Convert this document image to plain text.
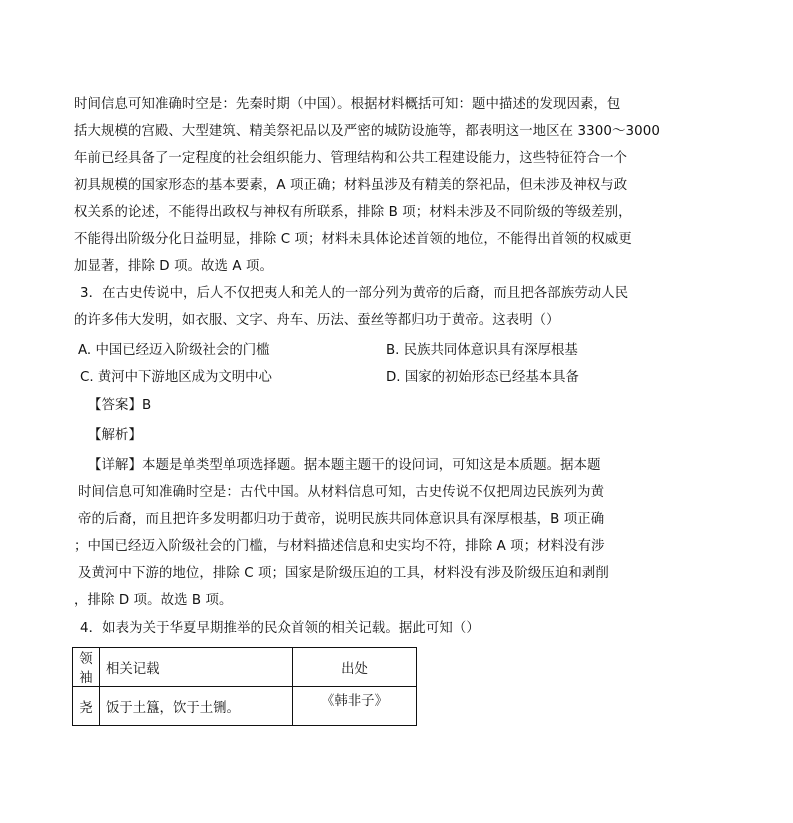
时间信息可知准确时空是：先秦时期（中国）。根据材料概括可知：题中描述的发现因素，包
括大规模的宫殿、大型建筑、精美祭祀品以及严密的城防设施等，都表明这一地区在 3300～3000
年前已经具备了一定程度的社会组织能力、管理结构和公共工程建设能力，这些特征符合一个
初具规模的国家形态的基本要素，A 项正确；材料虽涉及有精美的祭祀品，但未涉及神权与政
权关系的论述，不能得出政权与神权有所联系，排除 B 项；材料未涉及不同阶级的等级差别，
不能得出阶级分化日益明显，排除 C 项；材料未具体论述首领的地位，不能得出首领的权威更
加显著，排除 D 项。故选 A 项。
3．在古史传说中，后人不仅把夷人和羌人的一部分列为黄帝的后裔，而且把各部族劳动人民
的许多伟大发明，如衣服、文字、舟车、历法、蚕丝等都归功于黄帝。这表明（）
A. 中国已经迈入阶级社会的门槛	B. 民族共同体意识具有深厚根基
C. 黄河中下游地区成为文明中心	D. 国家的初始形态已经基本具备
【答案】B
【解析】
【详解】本题是单类型单项选择题。据本题主题干的设问词，可知这是本质题。据本题
时间信息可知准确时空是：古代中国。从材料信息可知，古史传说不仅把周边民族列为黄
帝的后裔，而且把许多发明都归功于黄帝，说明民族共同体意识具有深厚根基，B 项正确
；中国已经迈入阶级社会的门槛，与材料描述信息和史实均不符，排除 A 项；材料没有涉
及黄河中下游的地位，排除 C 项；国家是阶级压迫的工具，材料没有涉及阶级压迫和剥削
，排除 D 项。故选 B 项。
4．如表为关于华夏早期推举的民众首领的相关记载。据此可知（）
领袖	相关记载	出处
尧	饭于土簋，饮于土铏。	《韩非子》
